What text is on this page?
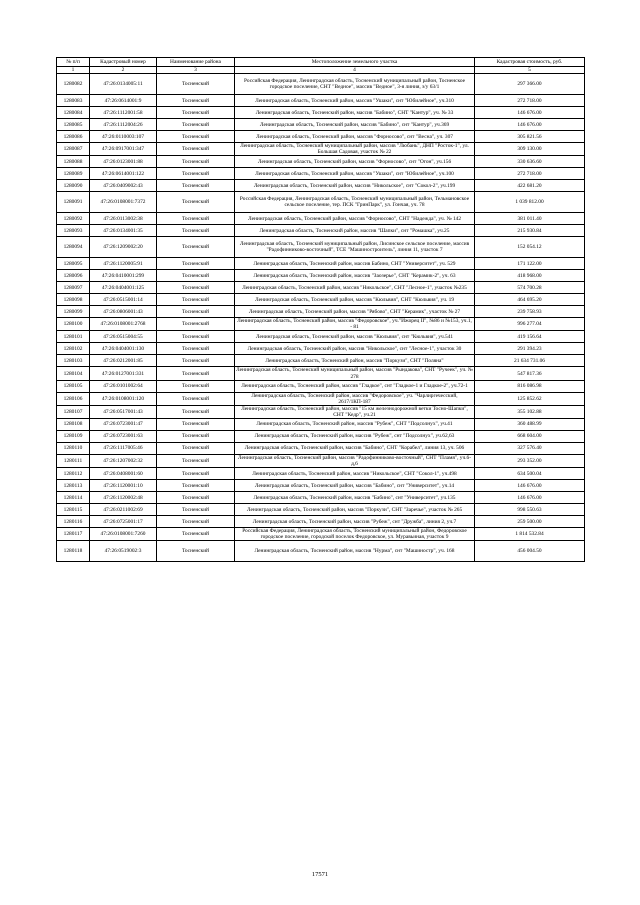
№ п/п	Кадастровый номер	Наименование района	Местоположение земельного участка	Кадастровая стоимость, руб.
1	2	3	4	5
1280082	47:26:0134005:11	Тосненский	Российская Федерация, Ленинградская область, Тосненский муниципальный район, Тосненское городское поселение, СНТ "Ведное", массив "Ведное", 3-я линия, з/у 63/1	297 366.00
1280083	47:26:0614001:9	Тосненский	Ленинградская область, Тосненский район, массив "Ушаки", снт "Юбилейное", уч.310	272 718.00
1280084	47:26:1112001:58	Тосненский	Ленинградская область, Тосненский район, массив "Бабино", СНТ "Кантур", уч. № 33	146 676.00
1280085	47:26:1112004:26	Тосненский	Ленинградская область, Тосненский район, массив "Бабино", снт "Кантур", уч.369	146 676.00
1280086	47:26:0110003:107	Тосненский	Ленинградская область, Тосненский район, массив "Форносово", снт "Весна", уч. 307	305 821.56
1280087	47:26:0917001:347	Тосненский	Ленинградская область, Тосненский муниципальный район, массив "Любань", ДНП "Росток-1", ул. Большая Садовая, участок № 22	309 130.00
1280088	47:26:0123001:88	Тосненский	Ленинградская область, Тосненский район, массив "Форносово", снт "Огон", уч.156	330 636.60
1280089	47:26:0614001:122	Тосненский	Ленинградская область, Тосненский район, массив "Ушаки", снт "Юбилейное", уч.100	272 718.00
1280090	47:26:0409002:43	Тосненский	Ленинградская область, Тосненский район, массив "Никольское", снт "Сокол-2", уч.199	422 681.20
1280091	47:26:0108001:7372	Тосненский	Российская Федерация, Ленинградская область, Тосненский муниципальный район, Тельмановское сельское поселение, тер. ПСК "ГринПарк", ул. Гончая, уч. 78	1 039 812.00
1280092	47:26:0113002:38	Тосненский	Ленинградская область, Тосненский район, массив "Форносово", СНТ "Надежда", уч. № 142	381 011.40
1280093	47:26:0134001:35	Тосненский	Ленинградская область, Тосненский район, массив "Шапки", снт "Ромашка", уч.25	215 930.84
1280094	47:26:1209002:20	Тосненский	Ленинградская область, Тосненский муниципальный район, Лисинское сельское поселение, массив "Радофинниково-восточный", ТСЕ "Машиностроитель", линия 11, участок 7	152 054.12
1280095	47:26:1120005:91	Тосненский	Ленинградская область, Тосненский район, массив Бабино, СНТ "Университет", уч. 529	171 122.00
1280096	47:26:0410001:299	Тосненский	Ленинградская область, Тосненский район, массив "Заозерье", СНТ "Керамик-2", уч. 63	418 968.00
1280097	47:26:0404001:125	Тосненский	Ленинградская область, Тосненский район, массив "Никольское", СНТ "Лесное-1", участок №235	574 700.28
1280098	47:26:0515001:14	Тосненский	Ленинградская область, Тосненский район, массив "Кюльвия", СНТ "Кюльвия", уч. 19	464 695.20
1280099	47:26:0806001:43	Тосненский	Ленинградская область, Тосненский район, массив "Рябово", СНТ "Керамик", участок № 27	239 758.93
1280100	47:26:0108001:2768	Тосненский	Ленинградская область, Тосненский район, массив "Федоровское", уч."Ижорец II", №86 и №153, уч.1, - 81	996 277.04
1280101	47:26:0515004:55	Тосненский	Ленинградская область, Тосненский район, массив "Кюльвия", снт "Кюльвия", уч.541	419 156.64
1280102	47:26:0404001:130	Тосненский	Ленинградская область, Тосненский район, массив "Никольское", снт "Лесное-1", участок 30	291 394.23
1280103	47:26:0212001:85	Тосненский	Ленинградская область, Тосненский район, массив "Поркузи", СНТ "Поляна"	21 634 731.06
1280104	47:26:0127001:331	Тосненский	Ленинградская область, Тосненский муниципальный район, массив "Рындакова", СНТ "Ручеек", уч. № 278	547 817.36
1280105	47:26:0101002:64	Тосненский	Ленинградская область, Тосненский район, массив "Гладкое", снт "Гладкое-1 и Гладкое-2", уч.72-1	816 086.98
1280106	47:26:0108001:120	Тосненский	Ленинградская область, Тосненский район, массив "Федоровское", уч. "Чарлиргечесский, 2617/1КП-187	125 852.62
1280107	47:26:0517001:43	Тосненский	Ленинградская область, Тосненский район, массив "15 км железнодорожной ветки Тосно-Шапки", СНТ "Кедр", уч.21	355 102.88
1280108	47:26:0723001:47	Тосненский	Ленинградская область, Тосненский район, массив "Рубеж", СНТ "Подсолнух", уч.41	360 488.99
1280109	47:26:0723001:63	Тосненский	Ленинградская область, Тосненский район, массив "Рубеж", снт "Подсолнух", уч.62,63	668 604.00
1280110	47:26:1117005:46	Тосненский	Ленинградская область, Тосненский район, массив "Бабино", СНТ "Корабел", линия 13, уч. 506	327 576.40
1280111	47:26:1207002:32	Тосненский	Ленинградская область, Тосненский район, массив "Радофинниково-восточный", СНТ "Пламя", уч.6-д,6	293 352.00
1280112	47:26:0408001:60	Тосненский	Ленинградская область, Тосненский район, массив "Никольское", СНТ "Сокол-1", уч.498	634 500.04
1280113	47:26:1120001:10	Тосненский	Ленинградская область, Тосненский район, массив "Бабино", снт "Университет", уч.14	146 676.00
1280114	47:26:1120002:48	Тосненский	Ленинградская область, Тосненский район, массив "Бабино", снт "Университет", уч.135	146 676.00
1280115	47:26:0211002:69	Тосненский	Ленинградская область, Тосненский район, массив "Поркузи", СНТ "Заречье", участок № 265	998 550.63
1280116	47:26:0725001:17	Тосненский	Ленинградская область, Тосненский район, массив "Рубеж", снт "Дружба", линия 2, уч.7	259 500.00
1280117	47:26:0108001:7260	Тосненский	Российская Федерация, Ленинградская область, Тосненский муниципальный район, Федоровское городское поселение, городской поселок Федоровское, ул. Муравьиная, участок 9	1 814 532.84
1280118	47:26:0519002:3	Тосненский	Ленинградская область, Тосненский район, массив "Нурма", снт "Машиностр", уч. 168	456 004.50
17571
